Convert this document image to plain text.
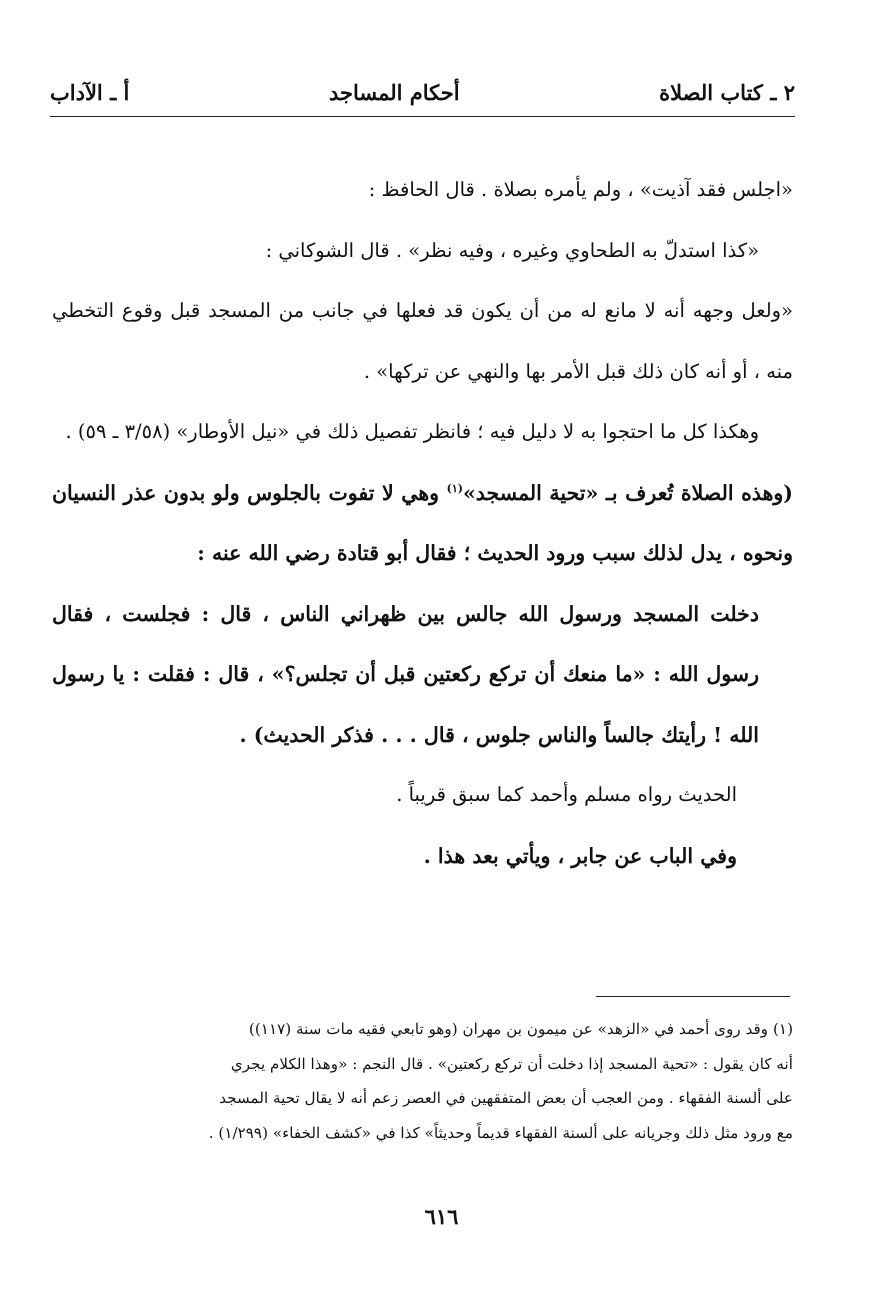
٢ ـ كتاب الصلاة
أحكام المساجد
أ ـ الآداب

«اجلس فقد آذيت» ، ولم يأمره بصلاة . قال الحافظ :

«كذا استدلّ به الطحاوي وغيره ، وفيه نظر» . قال الشوكاني :

«ولعل وجهه أنه لا مانع له من أن يكون قد فعلها في جانب من المسجد قبل وقوع التخطي منه ، أو أنه كان ذلك قبل الأمر بها والنهي عن تركها» .

وهكذا كل ما احتجوا به لا دليل فيه ؛ فانظر تفصيل ذلك في «نيل الأوطار» (٣/٥٨ ـ ٥٩) .

(وهذه الصلاة تُعرف بـ «تحية المسجد»$^{(١)}$ وهي لا تفوت بالجلوس ولو بدون عذر النسيان ونحوه ، يدل لذلك سبب ورود الحديث ؛ فقال أبو قتادة رضي الله عنه :

دخلت المسجد ورسول الله جالس بين ظهراني الناس ، قال : فجلست ، فقال رسول الله : «ما منعك أن تركع ركعتين قبل أن تجلس؟» ، قال : فقلت : يا رسول الله ! رأيتك جالساً والناس جلوس ، قال . . . فذكر الحديث) .

الحديث رواه مسلم وأحمد كما سبق قريباً .

وفي الباب عن جابر ، ويأتي بعد هذا .

(١) وقد روى أحمد في «الزهد» عن ميمون بن مهران (وهو تابعي فقيه مات سنة (١١٧))

أنه كان يقول : «تحية المسجد إذا دخلت أن تركع ركعتين» . قال النجم : «وهذا الكلام يجري

على ألسنة الفقهاء . ومن العجب أن بعض المتفقهين في العصر زعم أنه لا يقال تحية المسجد

مع ورود مثل ذلك وجريانه على ألسنة الفقهاء قديماً وحديثاً» كذا في «كشف الخفاء» (١/٢٩٩) .

٦١٦
